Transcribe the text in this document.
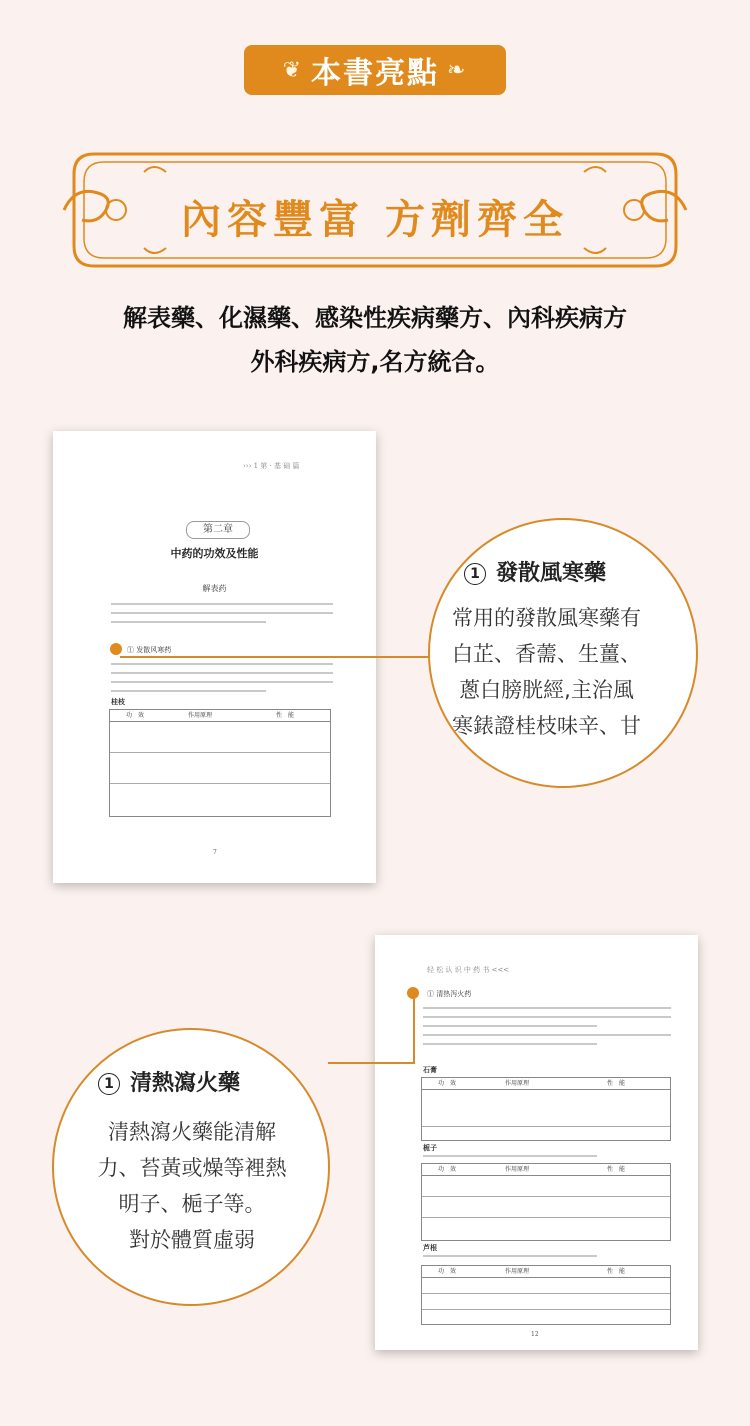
❦ 本書亮點 ❧
內容豐富 方劑齊全
解表藥、化濕藥、感染性疾病藥方、內科疾病方
外科疾病方,名方統合。
››› 1 第 · 基 础 篇
第二章
中药的功效及性能
解表药
① 发散风寒药
桂枝
功　效	作用原理	性　能
7
1 發散風寒藥
常用的發散風寒藥有
白芷、香薷、生薑、
蔥白膀胱經,主治風
寒錶證桂枝味辛、甘
轻 松 认 识 中 药 书 <<<
① 清热泻火药
石膏
功　效	作用原理	性　能
栀子
功　效	作用原理	性　能
芦根
功　效	作用原理	性　能
12
1 清熱瀉火藥
清熱瀉火藥能清解
力、苔黃或燥等裡熱
明子、梔子等。
對於體質虛弱
